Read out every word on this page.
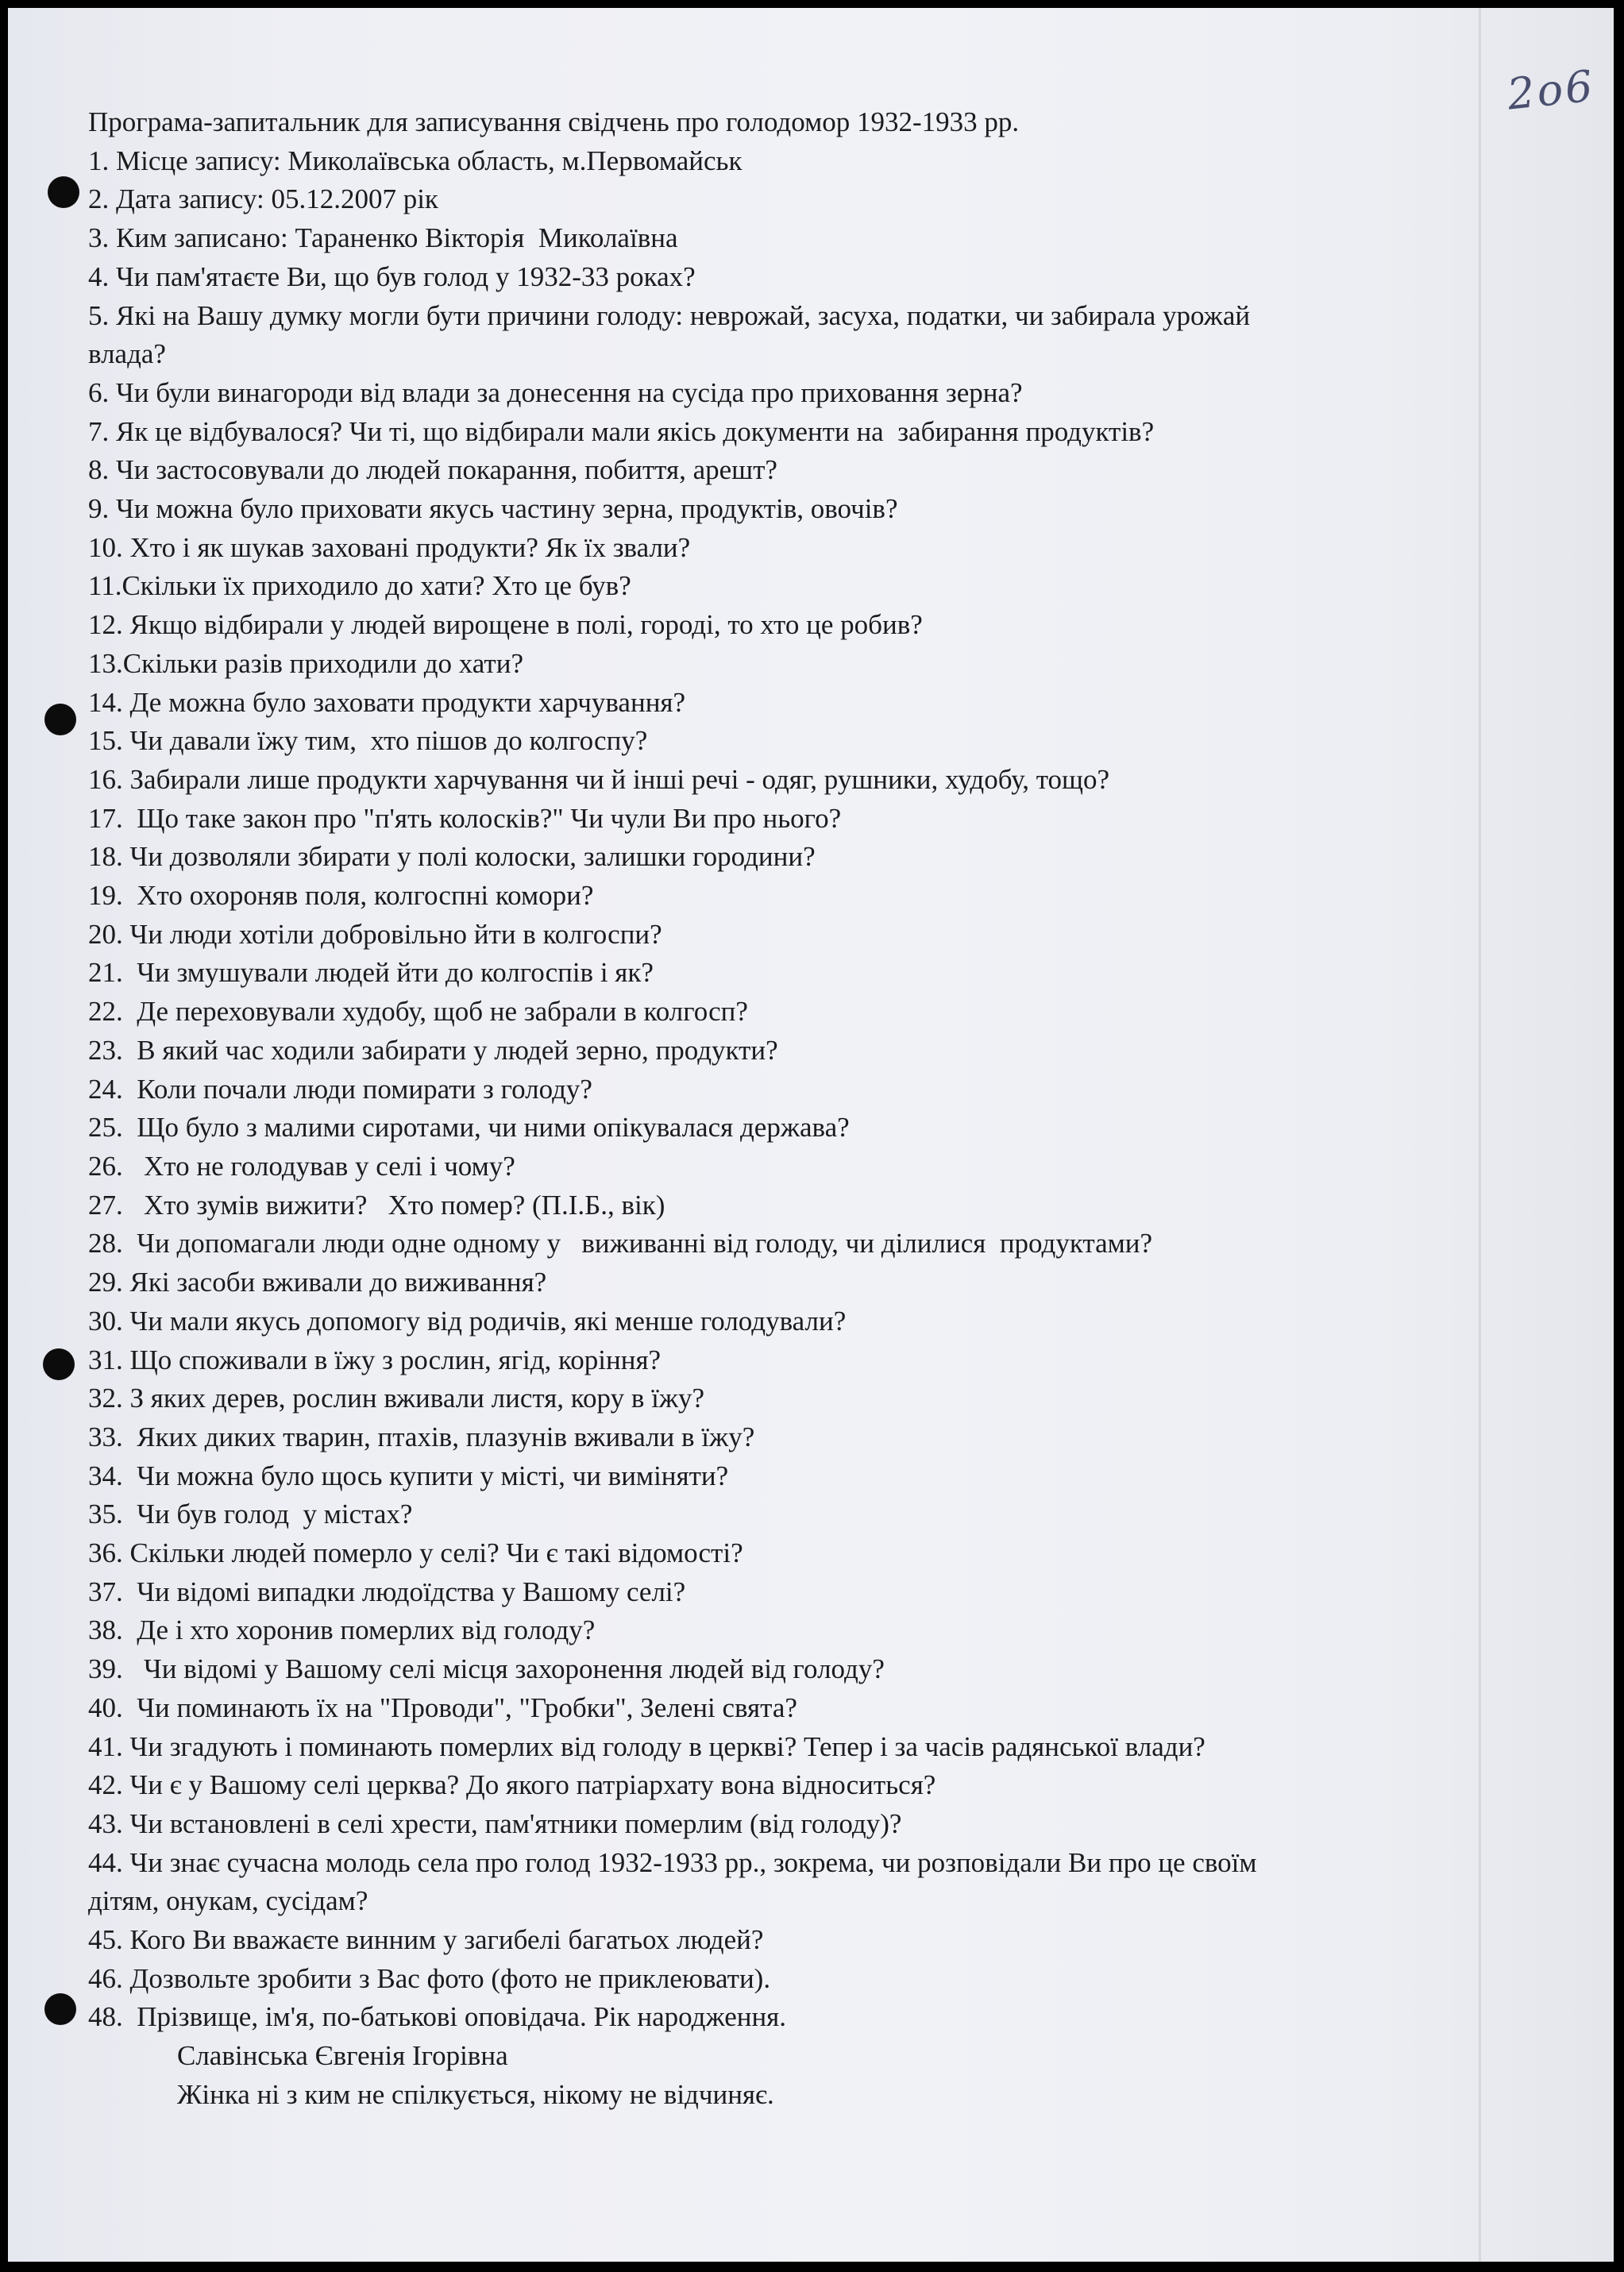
2о6

Програма-запитальник для записування свідчень про голодомор 1932-1933 рр.

1. Місце запису: Миколаївська область, м.Первомайськ

2. Дата запису: 05.12.2007 рік

3. Ким записано: Тараненко Вікторія  Миколаївна

4. Чи пам'ятаєте Ви, що був голод у 1932-33 роках?

5. Які на Вашу думку могли бути причини голоду: неврожай, засуха, податки, чи забирала урожай

влада?

6. Чи були винагороди від влади за донесення на сусіда про приховання зерна?

7. Як це відбувалося? Чи ті, що відбирали мали якісь документи на  забирання продуктів?

8. Чи застосовували до людей покарання, побиття, арешт?

9. Чи можна було приховати якусь частину зерна, продуктів, овочів?

10. Хто і як шукав заховані продукти? Як їх звали?

11.Скільки їх приходило до хати? Хто це був?

12. Якщо відбирали у людей вирощене в полі, городі, то хто це робив?

13.Скільки разів приходили до хати?

14. Де можна було заховати продукти харчування?

15. Чи давали їжу тим,  хто пішов до колгоспу?

16. Забирали лише продукти харчування чи й інші речі - одяг, рушники, худобу, тощо?

17.  Що таке закон про "п'ять колосків?" Чи чули Ви про нього?

18. Чи дозволяли збирати у полі колоски, залишки городини?

19.  Хто охороняв поля, колгоспні комори?

20. Чи люди хотіли добровільно йти в колгоспи?

21.  Чи змушували людей йти до колгоспів і як?

22.  Де переховували худобу, щоб не забрали в колгосп?

23.  В який час ходили забирати у людей зерно, продукти?

24.  Коли почали люди помирати з голоду?

25.  Що було з малими сиротами, чи ними опікувалася держава?

26.   Хто не голодував у селі і чому?

27.   Хто зумів вижити?   Хто помер? (П.І.Б., вік)

28.  Чи допомагали люди одне одному у   виживанні від голоду, чи ділилися  продуктами?

29. Які засоби вживали до виживання?

30. Чи мали якусь допомогу від родичів, які менше голодували?

31. Що споживали в їжу з рослин, ягід, коріння?

32. З яких дерев, рослин вживали листя, кору в їжу?

33.  Яких диких тварин, птахів, плазунів вживали в їжу?

34.  Чи можна було щось купити у місті, чи виміняти?

35.  Чи був голод  у містах?

36. Скільки людей померло у селі? Чи є такі відомості?

37.  Чи відомі випадки людоїдства у Вашому селі?

38.  Де і хто хоронив померлих від голоду?

39.   Чи відомі у Вашому селі місця захоронення людей від голоду?

40.  Чи поминають їх на "Проводи", "Гробки", Зелені свята?

41. Чи згадують і поминають померлих від голоду в церкві? Тепер і за часів радянської влади?

42. Чи є у Вашому селі церква? До якого патріархату вона відноситься?

43. Чи встановлені в селі хрести, пам'ятники померлим (від голоду)?

44. Чи знає сучасна молодь села про голод 1932-1933 рр., зокрема, чи розповідали Ви про це своїм

дітям, онукам, сусідам?

45. Кого Ви вважаєте винним у загибелі багатьох людей?

46. Дозвольте зробити з Вас фото (фото не приклеювати).

48.  Прізвище, ім'я, по-батькові оповідача. Рік народження.

Славінська Євгенія Ігорівна

Жінка ні з ким не спілкується, нікому не відчиняє.
